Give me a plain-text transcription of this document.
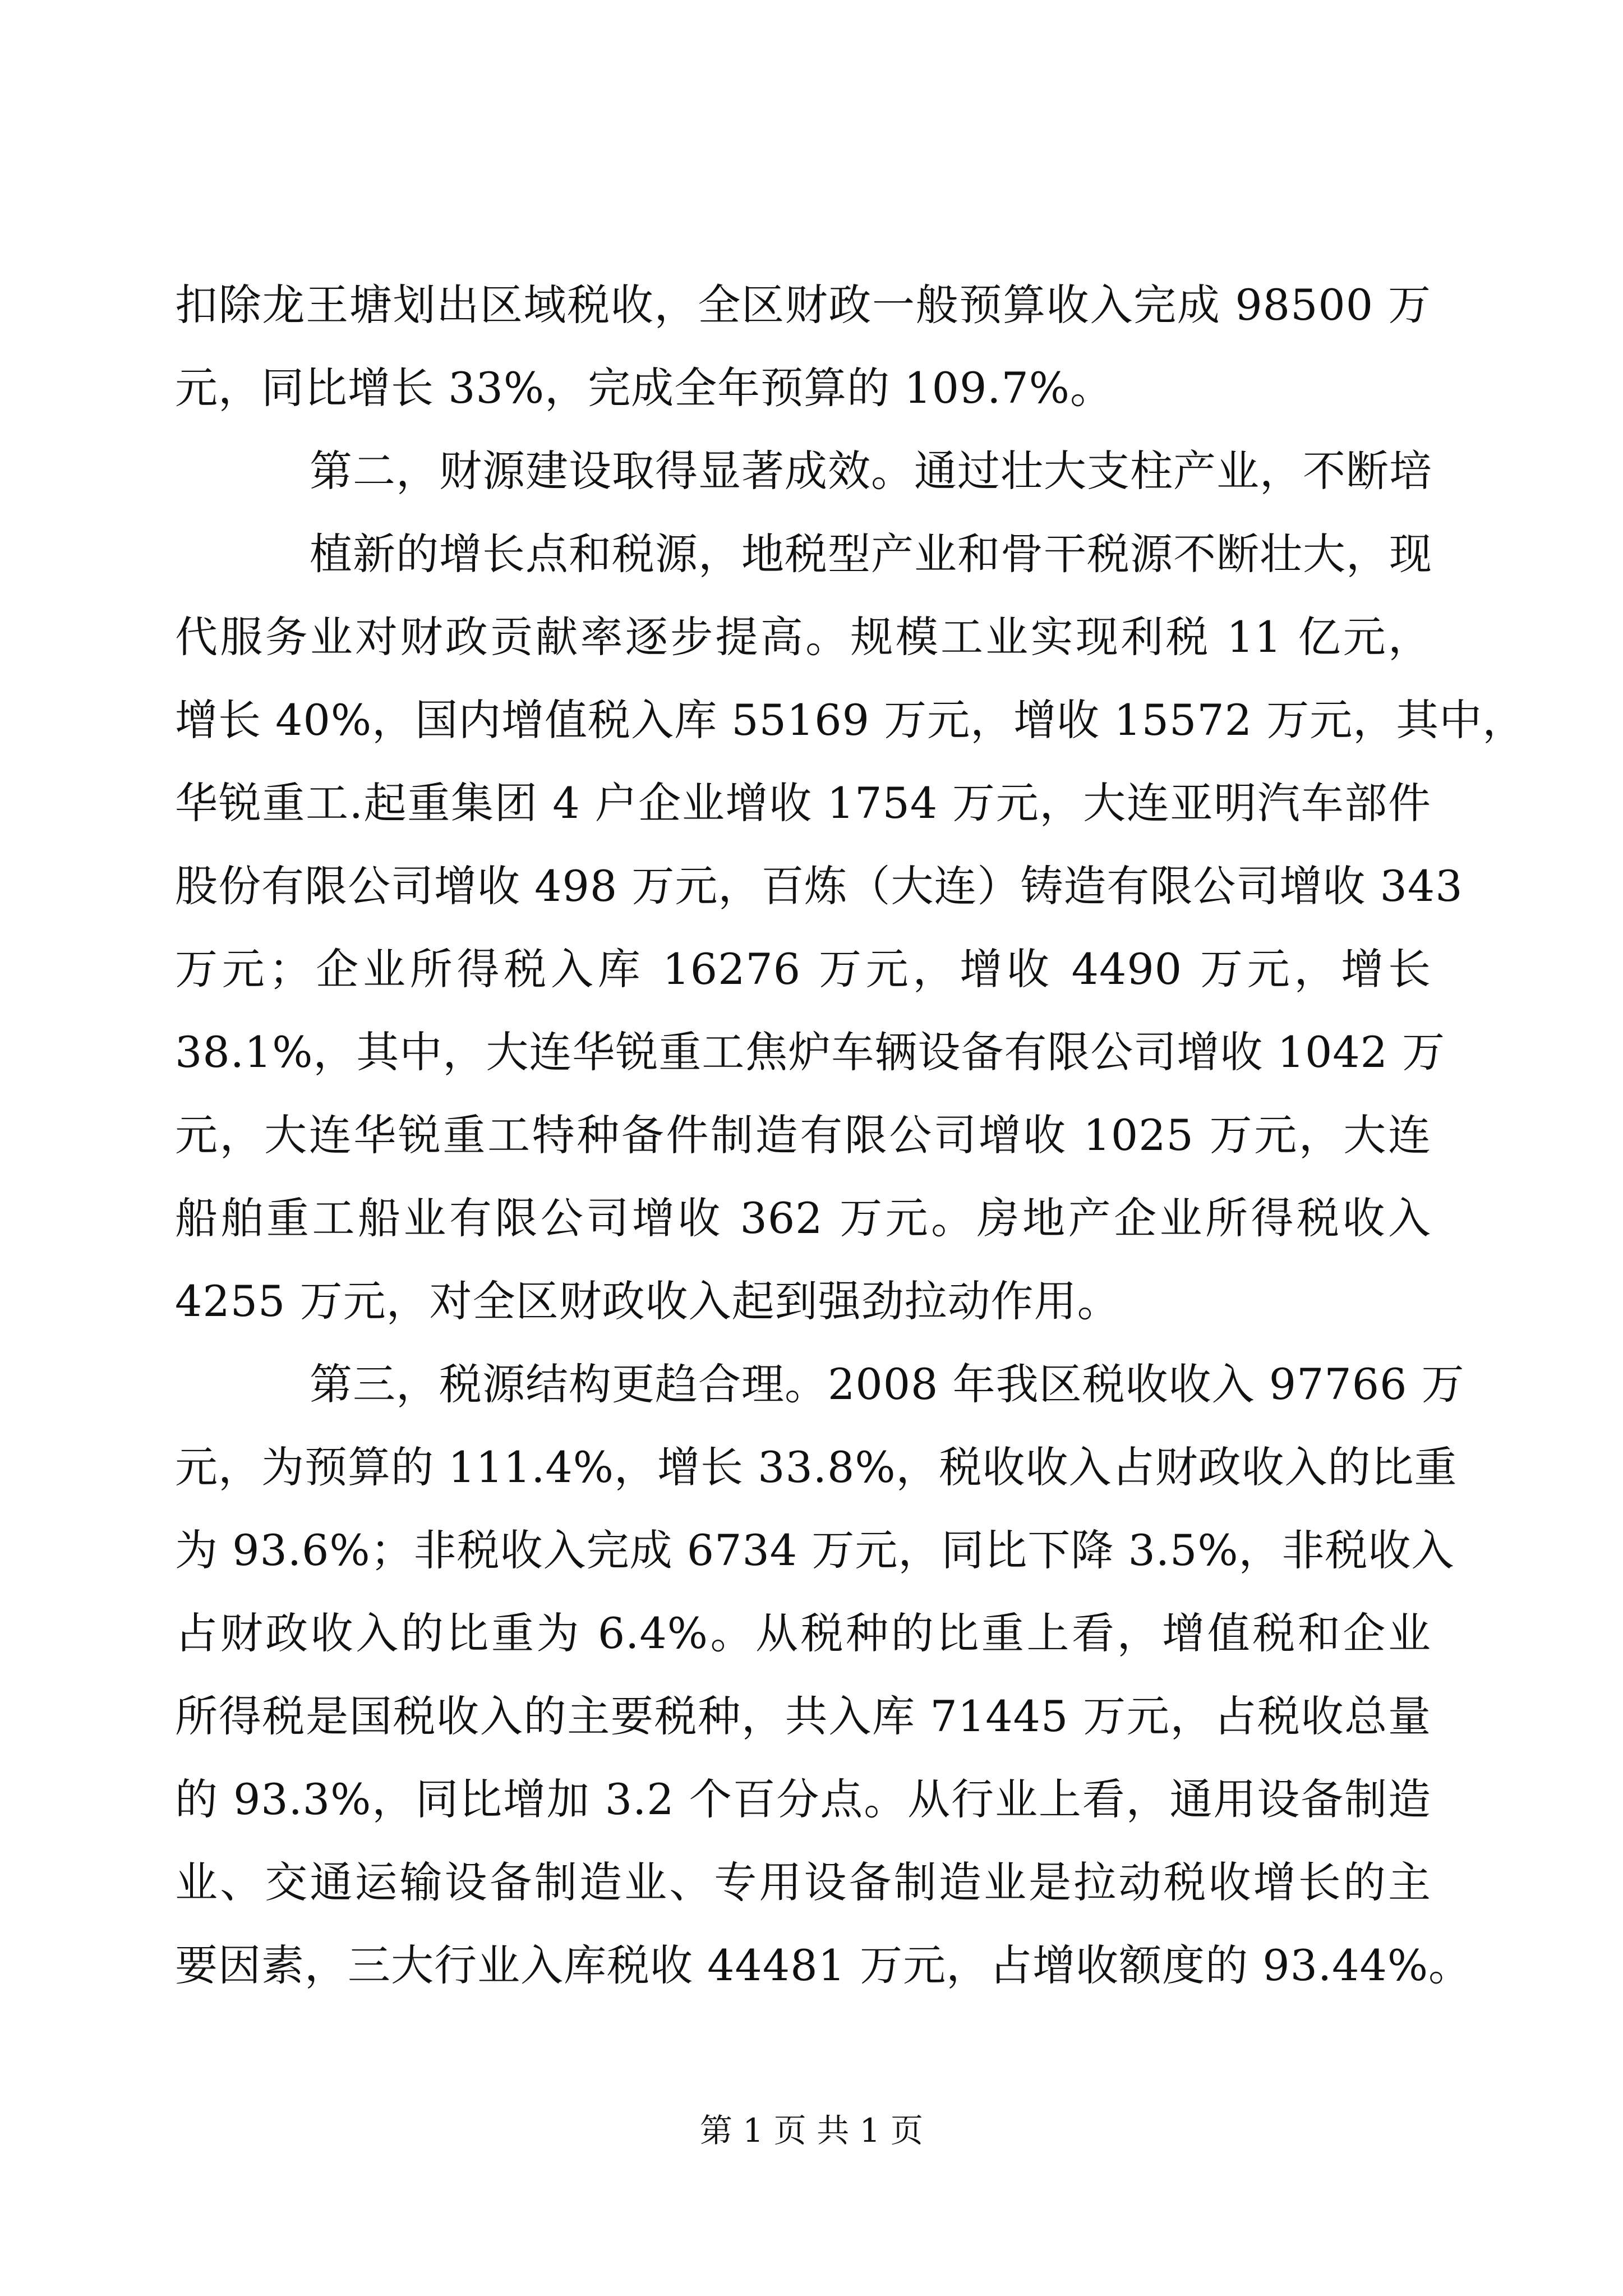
扣除龙王塘划出区域税收，全区财政一般预算收入完成 98500 万
元，同比增长 33%，完成全年预算的 109.7%。
第二，财源建设取得显著成效。通过壮大支柱产业，不断培
植新的增长点和税源，地税型产业和骨干税源不断壮大，现
代服务业对财政贡献率逐步提高。规模工业实现利税 11 亿元，
增长 40%，国内增值税入库 55169 万元，增收 15572 万元，其中，
华锐重工.起重集团 4 户企业增收 1754 万元，大连亚明汽车部件
股份有限公司增收 498 万元，百炼（大连）铸造有限公司增收 343
万元；企业所得税入库 16276 万元，增收 4490 万元，增长
38.1%，其中，大连华锐重工焦炉车辆设备有限公司增收 1042 万
元，大连华锐重工特种备件制造有限公司增收 1025 万元，大连
船舶重工船业有限公司增收 362 万元。房地产企业所得税收入
4255 万元，对全区财政收入起到强劲拉动作用。
第三，税源结构更趋合理。2008 年我区税收收入 97766 万
元，为预算的 111.4%，增长 33.8%，税收收入占财政收入的比重
为 93.6%；非税收入完成 6734 万元，同比下降 3.5%，非税收入
占财政收入的比重为 6.4%。从税种的比重上看，增值税和企业
所得税是国税收入的主要税种，共入库 71445 万元，占税收总量
的 93.3%，同比增加 3.2 个百分点。从行业上看，通用设备制造
业、交通运输设备制造业、专用设备制造业是拉动税收增长的主
要因素，三大行业入库税收 44481 万元，占增收额度的 93.44%。
第 1 页 共 1 页
